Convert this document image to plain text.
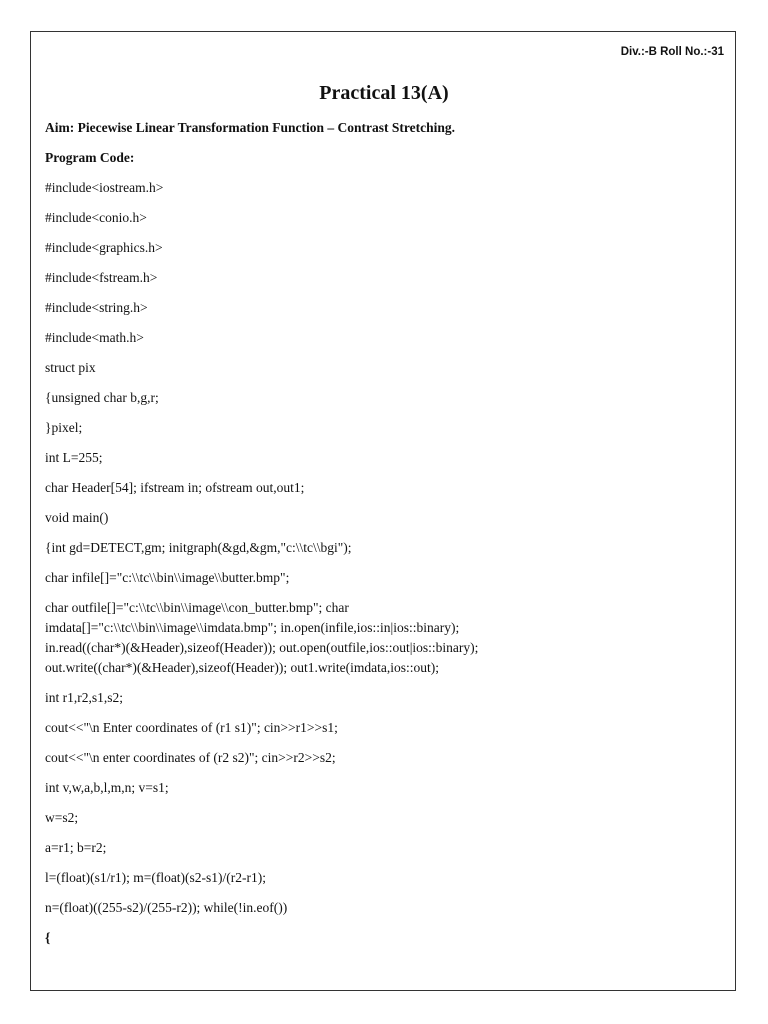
Div.:-B Roll No.:-31
Practical 13(A)
Aim: Piecewise Linear Transformation Function – Contrast Stretching.
Program Code:
#include<iostream.h>
#include<conio.h>
#include<graphics.h>
#include<fstream.h>
#include<string.h>
#include<math.h>
struct pix
{unsigned char b,g,r;
}pixel;
int L=255;
char Header[54]; ifstream in; ofstream out,out1;
void main()
{int gd=DETECT,gm; initgraph(&gd,&gm,"c:\\tc\\bgi");
char infile[]="c:\\tc\\bin\\image\\butter.bmp";
char outfile[]="c:\\tc\\bin\\image\\con_butter.bmp"; char
imdata[]="c:\\tc\\bin\\image\\imdata.bmp"; in.open(infile,ios::in|ios::binary);
in.read((char*)(&Header),sizeof(Header)); out.open(outfile,ios::out|ios::binary);
out.write((char*)(&Header),sizeof(Header)); out1.write(imdata,ios::out);
int r1,r2,s1,s2;
cout<<"\n Enter coordinates of (r1 s1)"; cin>>r1>>s1;
cout<<"\n enter coordinates of (r2 s2)"; cin>>r2>>s2;
int v,w,a,b,l,m,n; v=s1;
w=s2;
a=r1; b=r2;
l=(float)(s1/r1); m=(float)(s2-s1)/(r2-r1);
n=(float)((255-s2)/(255-r2)); while(!in.eof())
{
